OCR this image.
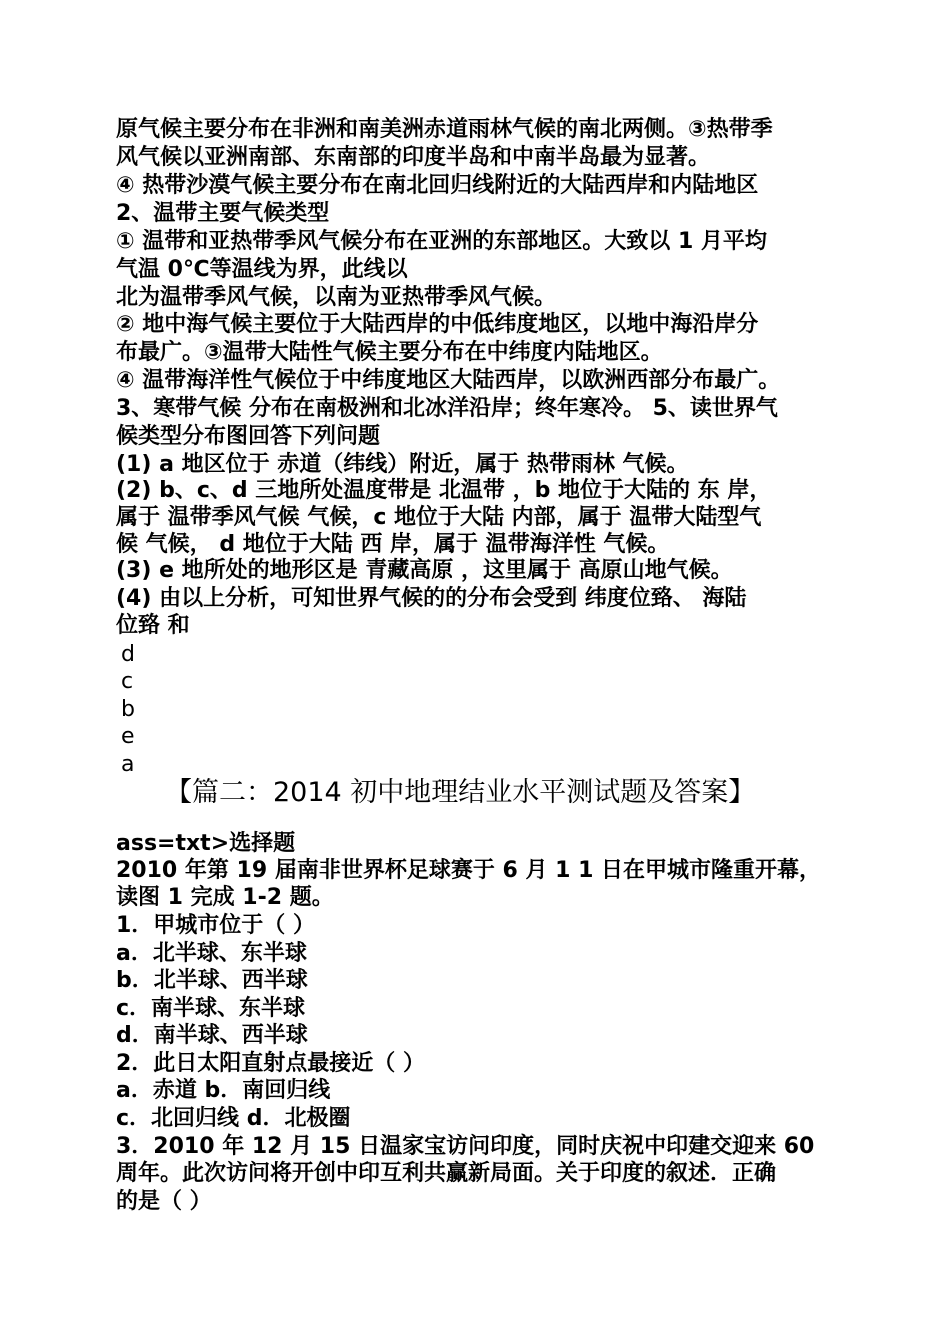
原气候主要分布在非洲和南美洲赤道雨林气候的南北两侧。③热带季
风气候以亚洲南部、东南部的印度半岛和中南半岛最为显著。
④ 热带沙漠气候主要分布在南北回归线附近的大陆西岸和内陆地区
2、温带主要气候类型
① 温带和亚热带季风气候分布在亚洲的东部地区。大致以 1 月平均
气温 0℃等温线为界，此线以
北为温带季风气候，以南为亚热带季风气候。
② 地中海气候主要位于大陆西岸的中低纬度地区，以地中海沿岸分
布最广。③温带大陆性气候主要分布在中纬度内陆地区。
④ 温带海洋性气候位于中纬度地区大陆西岸，以欧洲西部分布最广。
3、寒带气候 分布在南极洲和北冰洋沿岸；终年寒冷。 5、读世界气
候类型分布图回答下列问题
(1) a 地区位于 赤道（纬线）附近，属于 热带雨林 气候。
(2) b、c、d 三地所处温度带是 北温带 ，b 地位于大陆的 东 岸，
属于 温带季风气候 气候，c 地位于大陆 内部，属于 温带大陆型气
候 气候， d 地位于大陆 西 岸，属于 温带海洋性 气候。
(3) e 地所处的地形区是 青藏高原 ，这里属于 高原山地气候。
(4) 由以上分析，可知世界气候的的分布会受到 纬度位臵、 海陆
位臵 和
d
c
b
e
a
【篇二：2014 初中地理结业水平测试题及答案】
ass=txt>选择题
2010 年第 19 届南非世界杯足球赛于 6 月 1 1 日在甲城市隆重开幕，
读图 1 完成 1-2 题。
1．甲城市位于（ ）
a．北半球、东半球
b．北半球、西半球
c．南半球、东半球
d．南半球、西半球
2．此日太阳直射点最接近（ ）
a．赤道 b．南回归线
c．北回归线 d．北极圈
3．2010 年 12 月 15 日温家宝访问印度，同时庆祝中印建交迎来 60
周年。此次访问将开创中印互利共赢新局面。关于印度的叙述．正确
的是（ ）
